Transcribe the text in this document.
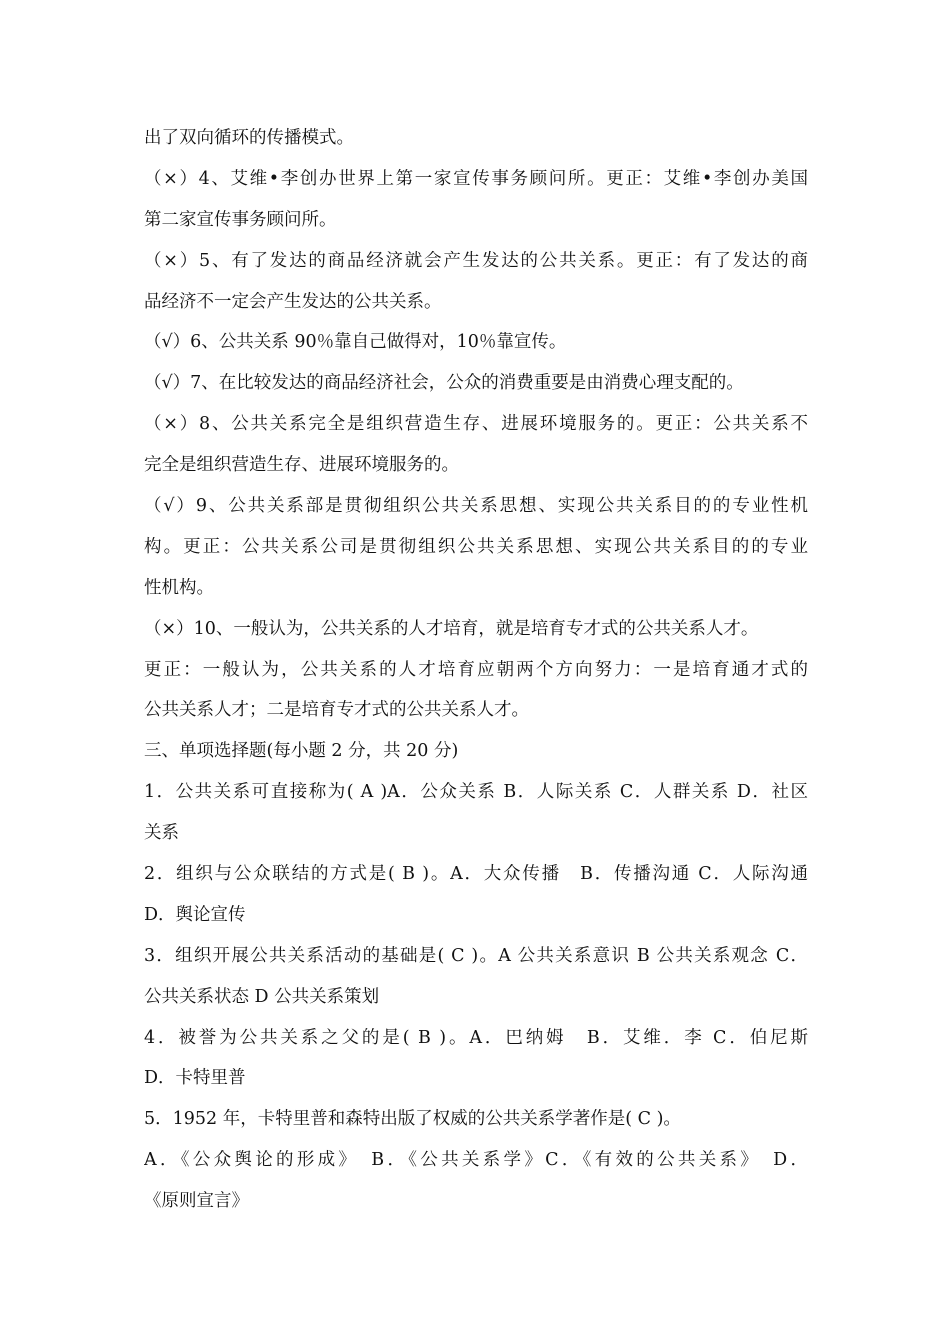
出了双向循环的传播模式。
（×）4、艾维•李创办世界上第一家宣传事务顾问所。更正：艾维•李创办美国
第二家宣传事务顾问所。
（×）5、有了发达的商品经济就会产生发达的公共关系。更正：有了发达的商
品经济不一定会产生发达的公共关系。
（√）6、公共关系 90％靠自己做得对，10％靠宣传。
（√）7、在比较发达的商品经济社会，公众的消费重要是由消费心理支配的。
（×）8、公共关系完全是组织营造生存、进展环境服务的。更正：公共关系不
完全是组织营造生存、进展环境服务的。
（√）9、公共关系部是贯彻组织公共关系思想、实现公共关系目的的专业性机
构。更正：公共关系公司是贯彻组织公共关系思想、实现公共关系目的的专业
性机构。
（×）10、一般认为，公共关系的人才培育，就是培育专才式的公共关系人才。
更正：一般认为，公共关系的人才培育应朝两个方向努力：一是培育通才式的
公共关系人才；二是培育专才式的公共关系人才。
三、单项选择题(每小题 2 分，共 20 分)
1．公共关系可直接称为( A )A．公众关系 B．人际关系 C．人群关系 D．社区
关系
2．组织与公众联结的方式是( B )。A．大众传播　B．传播沟通 C．人际沟通
D．舆论宣传
3．组织开展公共关系活动的基础是( C )。A 公共关系意识 B 公共关系观念 C．
公共关系状态 D 公共关系策划
4．被誉为公共关系之父的是( B )。A．巴纳姆　B．艾维．李 C．伯尼斯
D．卡特里普
5．1952 年，卡特里普和森特出版了权威的公共关系学著作是( C )。
A．《公众舆论的形成》　B．《公共关系学》C．《有效的公共关系》　D．
《原则宣言》
